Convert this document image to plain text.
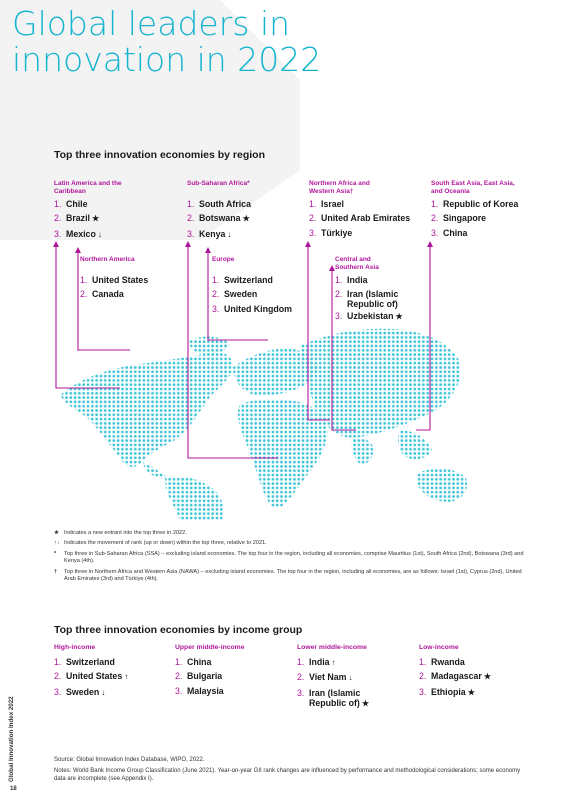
Global leaders in
innovation in 2022
Top three innovation economies by region
Latin America and the Caribbean
1. Chile
2. Brazil ★
3. Mexico ↓
Sub-Saharan Africa*
1. South Africa
2. Botswana ★
3. Kenya ↓
Northern Africa and Western Asia†
1. Israel
2. United Arab Emirates
3. Türkiye
South East Asia, East Asia, and Oceania
1. Republic of Korea
2. Singapore
3. China
Northern America
1. United States
2. Canada
Europe
1. Switzerland
2. Sweden
3. United Kingdom
Central and Southern Asia
1. India
2. Iran (Islamic Republic of)
3. Uzbekistan ★
★ Indicates a new entrant into the top three in 2022.
↑↓ Indicates the movement of rank (up or down) within the top three, relative to 2021.
* Top three in Sub-Saharan Africa (SSA) – excluding island economies. The top four in the region, including all economies, comprise Mauritius (1st), South Africa (2nd), Botswana (3rd) and Kenya (4th).
† Top three in Northern Africa and Western Asia (NAWA) – excluding island economies. The top four in the region, including all economies, are as follows: Israel (1st), Cyprus (2nd), United Arab Emirates (3rd) and Türkiye (4th).
Top three innovation economies by income group
High-income
1. Switzerland
2. United States ↑
3. Sweden ↓
Upper middle-income
1. China
2. Bulgaria
3. Malaysia
Lower middle-income
1. India ↑
2. Viet Nam ↓
3. Iran (Islamic Republic of) ★
Low-income
1. Rwanda
2. Madagascar ★
3. Ethiopia ★
Source: Global Innovation Index Database, WIPO, 2022.
Notes: World Bank Income Group Classification (June 2021). Year-on-year GII rank changes are influenced by performance and methodological considerations; some economy data are incomplete (see Appendix I).
Global Innovation Index 2022
18
